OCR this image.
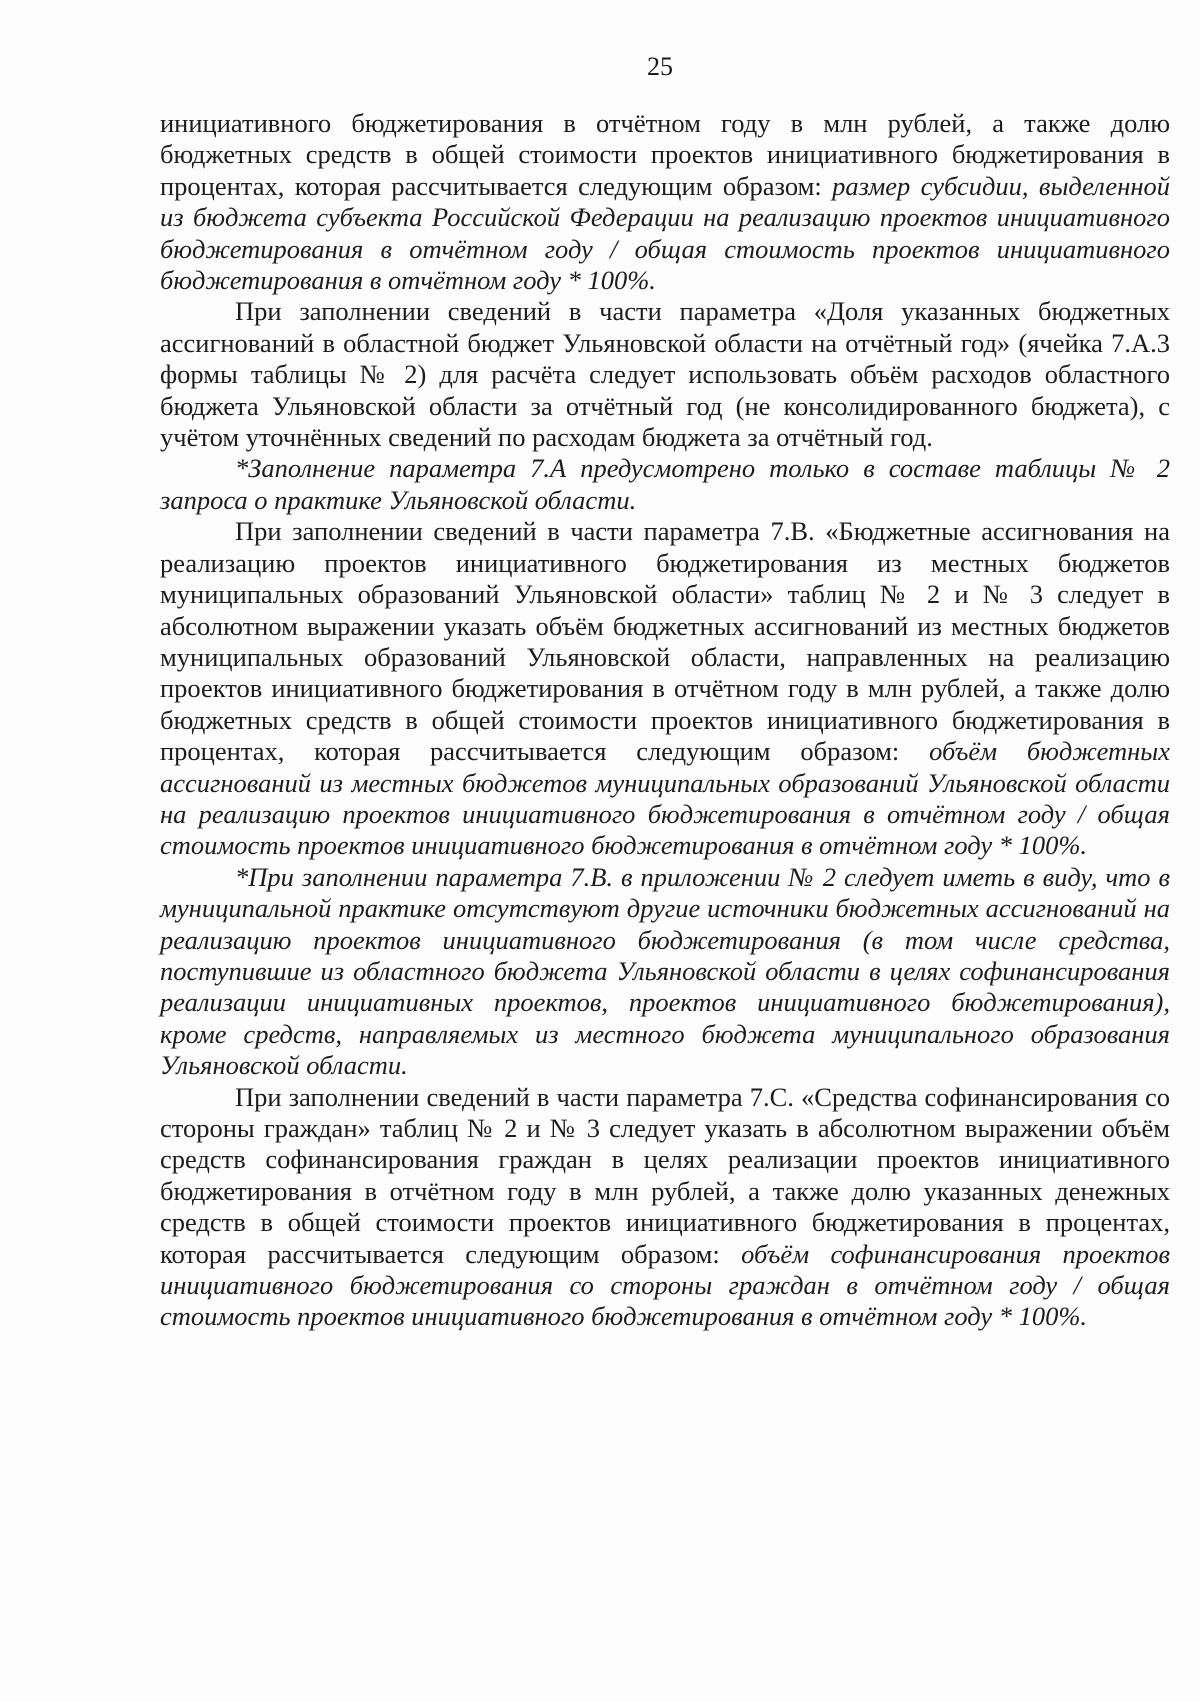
25

инициативного бюджетирования в отчётном году в млн рублей, а также долю бюджетных средств в общей стоимости проектов инициативного бюджетирования в процентах, которая рассчитывается следующим образом: размер субсидии, выделенной из бюджета субъекта Российской Федерации на реализацию проектов инициативного бюджетирования в отчётном году / общая стоимость проектов инициативного бюджетирования в отчётном году * 100%.

При заполнении сведений в части параметра «Доля указанных бюджетных ассигнований в областной бюджет Ульяновской области на отчётный год» (ячейка 7.А.3 формы таблицы № 2) для расчёта следует использовать объём расходов областного бюджета Ульяновской области за отчётный год (не консолидированного бюджета), с учётом уточнённых сведений по расходам бюджета за отчётный год.

*Заполнение параметра 7.А предусмотрено только в составе таблицы № 2 запроса о практике Ульяновской области.

При заполнении сведений в части параметра 7.В. «Бюджетные ассигнования на реализацию проектов инициативного бюджетирования из местных бюджетов муниципальных образований Ульяновской области» таблиц № 2 и № 3 следует в абсолютном выражении указать объём бюджетных ассигнований из местных бюджетов муниципальных образований Ульяновской области, направленных на реализацию проектов инициативного бюджетирования в отчётном году в млн рублей, а также долю бюджетных средств в общей стоимости проектов инициативного бюджетирования в процентах, которая рассчитывается следующим образом: объём бюджетных ассигнований из местных бюджетов муниципальных образований Ульяновской области на реализацию проектов инициативного бюджетирования в отчётном году / общая стоимость проектов инициативного бюджетирования в отчётном году * 100%.

*При заполнении параметра 7.В. в приложении № 2 следует иметь в виду, что в муниципальной практике отсутствуют другие источники бюджетных ассигнований на реализацию проектов инициативного бюджетирования (в том числе средства, поступившие из областного бюджета Ульяновской области в целях софинансирования реализации инициативных проектов, проектов инициативного бюджетирования), кроме средств, направляемых из местного бюджета муниципального образования Ульяновской области.

При заполнении сведений в части параметра 7.С. «Средства софинансирования со стороны граждан» таблиц № 2 и № 3 следует указать в абсолютном выражении объём средств софинансирования граждан в целях реализации проектов инициативного бюджетирования в отчётном году в млн рублей, а также долю указанных денежных средств в общей стоимости проектов инициативного бюджетирования в процентах, которая рассчитывается следующим образом: объём софинансирования проектов инициативного бюджетирования со стороны граждан в отчётном году / общая стоимость проектов инициативного бюджетирования в отчётном году * 100%.
